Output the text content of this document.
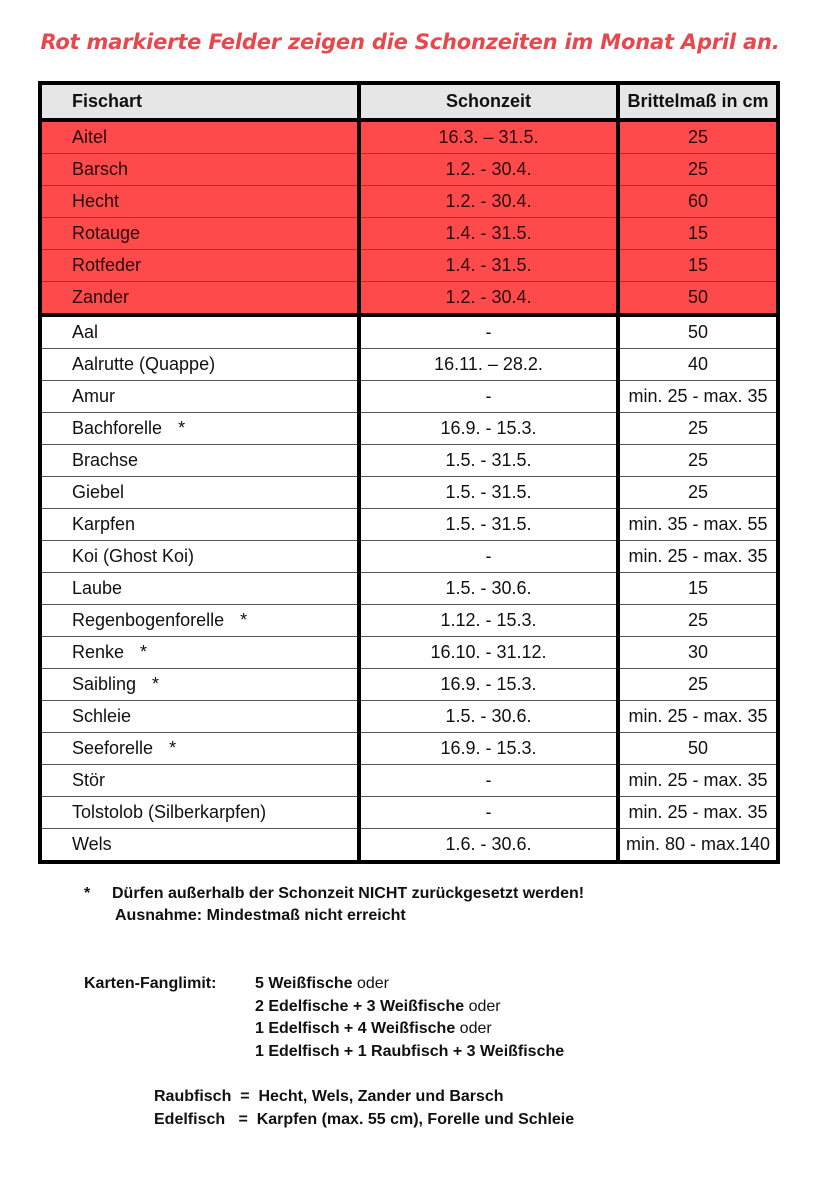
Rot markierte Felder zeigen die Schonzeiten im Monat April an.
Fischart	Schonzeit	Brittelmaß in cm
Aitel	16.3. – 31.5.	25
Barsch	1.2. - 30.4.	25
Hecht	1.2. - 30.4.	60
Rotauge	1.4. - 31.5.	15
Rotfeder	1.4. - 31.5.	15
Zander	1.2. - 30.4.	50
Aal	-	50
Aalrutte (Quappe)	16.11. – 28.2.	40
Amur	-	min. 25 - max. 35
Bachforelle *	16.9. - 15.3.	25
Brachse	1.5. - 31.5.	25
Giebel	1.5. - 31.5.	25
Karpfen	1.5. - 31.5.	min. 35 - max. 55
Koi (Ghost Koi)	-	min. 25 - max. 35
Laube	1.5. - 30.6.	15
Regenbogenforelle *	1.12. - 15.3.	25
Renke *	16.10. - 31.12.	30
Saibling *	16.9. - 15.3.	25
Schleie	1.5. - 30.6.	min. 25 - max. 35
Seeforelle *	16.9. - 15.3.	50
Stör	-	min. 25 - max. 35
Tolstolob (Silberkarpfen)	-	min. 25 - max. 35
Wels	1.6. - 30.6.	min. 80 - max.140
* Dürfen außerhalb der Schonzeit NICHT zurückgesetzt werden!
Ausnahme: Mindestmaß nicht erreicht
Karten-Fanglimit: 5 Weißfische oder
2 Edelfische + 3 Weißfische oder
1 Edelfisch + 4 Weißfische oder
1 Edelfisch + 1 Raubfisch + 3 Weißfische
Raubfisch  =  Hecht, Wels, Zander und Barsch
Edelfisch   =  Karpfen (max. 55 cm), Forelle und Schleie
